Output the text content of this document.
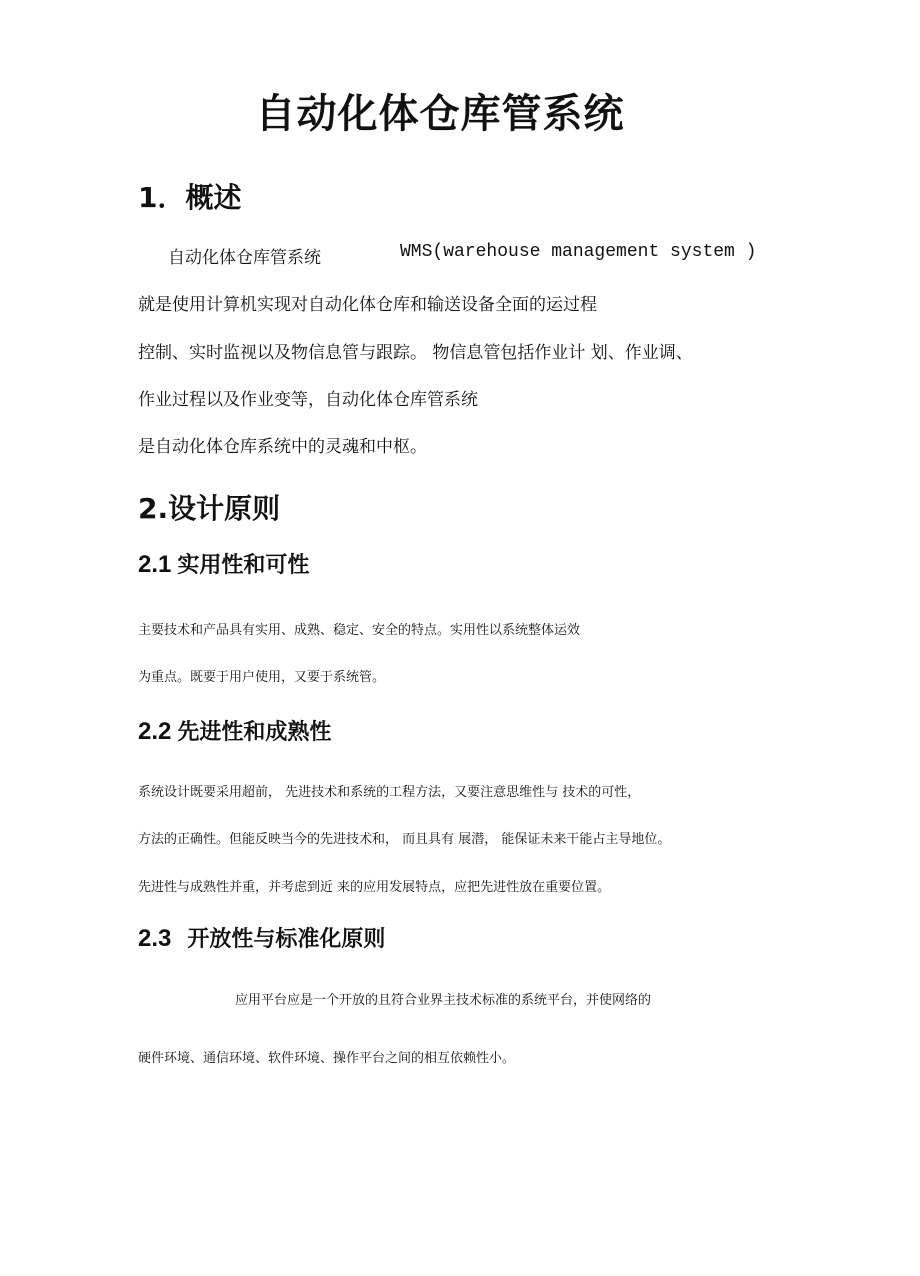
自动化体仓库管系统
1．概述
自动化体仓库管系统	WMS(warehouse management system )
就是使用计算机实现对自动化体仓库和输送设备全面的运过程
控制、实时监视以及物信息管与跟踪。 物信息管包括作业计 划、作业调、
作业过程以及作业变等，自动化体仓库管系统
是自动化体仓库系统中的灵魂和中枢。
2.设计原则
2.1 实用性和可性
主要技术和产品具有实用、成熟、稳定、安全的特点。实用性以系统整体运效
为重点。既要于用户使用，又要于系统管。
2.2 先进性和成熟性
系统设计既要采用超前， 先进技术和系统的工程方法，又要注意思维性与 技术的可性，
方法的正确性。但能反映当今的先进技术和， 而且具有 展潜， 能保证未来干能占主导地位。
先进性与成熟性并重，并考虑到近 来的应用发展特点，应把先进性放在重要位置。
2.3 开放性与标准化原则
应用平台应是一个开放的且符合业界主技术标准的系统平台，并使网络的
硬件环境、通信环境、软件环境、操作平台之间的相互依赖性小。
